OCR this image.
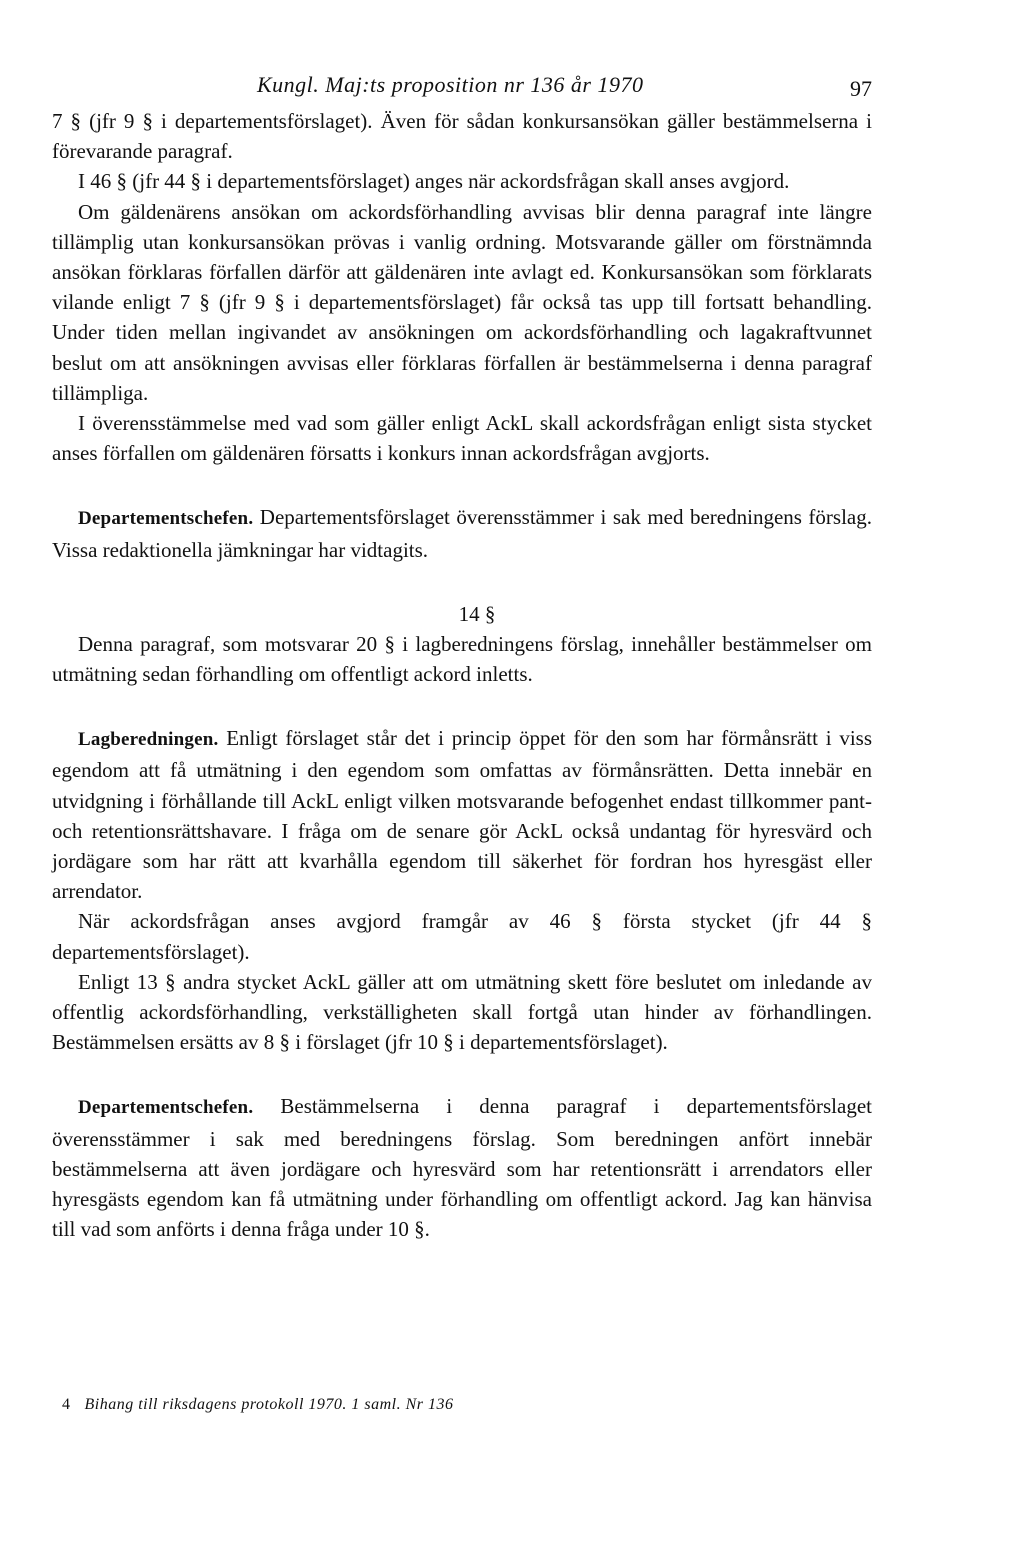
Kungl. Maj:ts proposition nr 136 år 1970	97

7 § (jfr 9 § i departementsförslaget). Även för sådan konkursansökan gäller bestämmelserna i förevarande paragraf.

I 46 § (jfr 44 § i departementsförslaget) anges när ackordsfrågan skall anses avgjord.

Om gäldenärens ansökan om ackordsförhandling avvisas blir denna paragraf inte längre tillämplig utan konkursansökan prövas i vanlig ordning. Motsvarande gäller om förstnämnda ansökan förklaras förfallen därför att gäldenären inte avlagt ed. Konkursansökan som förklarats vilande enligt 7 § (jfr 9 § i departementsförslaget) får också tas upp till fortsatt behandling. Under tiden mellan ingivandet av ansökningen om ackordsförhandling och lagakraftvunnet beslut om att ansökningen avvisas eller förklaras förfallen är bestämmelserna i denna paragraf tillämpliga.

I överensstämmelse med vad som gäller enligt AckL skall ackordsfrågan enligt sista stycket anses förfallen om gäldenären försatts i konkurs innan ackordsfrågan avgjorts.

Departementschefen. Departementsförslaget överensstämmer i sak med beredningens förslag. Vissa redaktionella jämkningar har vidtagits.

14 §

Denna paragraf, som motsvarar 20 § i lagberedningens förslag, innehåller bestämmelser om utmätning sedan förhandling om offentligt ackord inletts.

Lagberedningen. Enligt förslaget står det i princip öppet för den som har förmånsrätt i viss egendom att få utmätning i den egendom som omfattas av förmånsrätten. Detta innebär en utvidgning i förhållande till AckL enligt vilken motsvarande befogenhet endast tillkommer pant- och retentionsrättshavare. I fråga om de senare gör AckL också undantag för hyresvärd och jordägare som har rätt att kvarhålla egendom till säkerhet för fordran hos hyresgäst eller arrendator.

När ackordsfrågan anses avgjord framgår av 46 § första stycket (jfr 44 § departementsförslaget).

Enligt 13 § andra stycket AckL gäller att om utmätning skett före beslutet om inledande av offentlig ackordsförhandling, verkställigheten skall fortgå utan hinder av förhandlingen. Bestämmelsen ersätts av 8 § i förslaget (jfr 10 § i departementsförslaget).

Departementschefen. Bestämmelserna i denna paragraf i departementsförslaget överensstämmer i sak med beredningens förslag. Som beredningen anfört innebär bestämmelserna att även jordägare och hyresvärd som har retentionsrätt i arrendators eller hyresgästs egendom kan få utmätning under förhandling om offentligt ackord. Jag kan hänvisa till vad som anförts i denna fråga under 10 §.

4 Bihang till riksdagens protokoll 1970. 1 saml. Nr 136
